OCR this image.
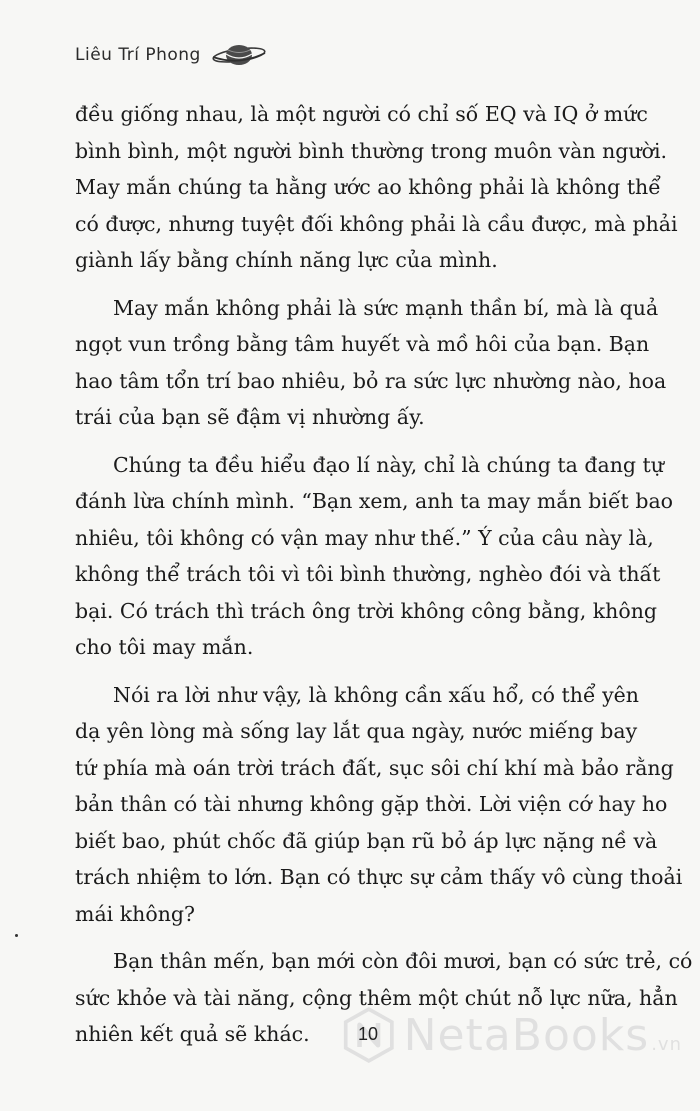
Liêu Trí Phong

đều giống nhau, là một người có chỉ số EQ và IQ ở mức
bình bình, một người bình thường trong muôn vàn người.
May mắn chúng ta hằng ước ao không phải là không thể
có được, nhưng tuyệt đối không phải là cầu được, mà phải
giành lấy bằng chính năng lực của mình.

May mắn không phải là sức mạnh thần bí, mà là quả
ngọt vun trồng bằng tâm huyết và mồ hôi của bạn. Bạn
hao tâm tổn trí bao nhiêu, bỏ ra sức lực nhường nào, hoa
trái của bạn sẽ đậm vị nhường ấy.

Chúng ta đều hiểu đạo lí này, chỉ là chúng ta đang tự
đánh lừa chính mình. “Bạn xem, anh ta may mắn biết bao
nhiêu, tôi không có vận may như thế.” Ý của câu này là,
không thể trách tôi vì tôi bình thường, nghèo đói và thất
bại. Có trách thì trách ông trời không công bằng, không
cho tôi may mắn.

Nói ra lời như vậy, là không cần xấu hổ, có thể yên
dạ yên lòng mà sống lay lắt qua ngày, nước miếng bay
tứ phía mà oán trời trách đất, sục sôi chí khí mà bảo rằng
bản thân có tài nhưng không gặp thời. Lời viện cớ hay ho
biết bao, phút chốc đã giúp bạn rũ bỏ áp lực nặng nề và
trách nhiệm to lớn. Bạn có thực sự cảm thấy vô cùng thoải
mái không?

Bạn thân mến, bạn mới còn đôi mươi, bạn có sức trẻ, có
sức khỏe và tài năng, cộng thêm một chút nỗ lực nữa, hẳn
nhiên kết quả sẽ khác.	NetaBooks .vn
10
